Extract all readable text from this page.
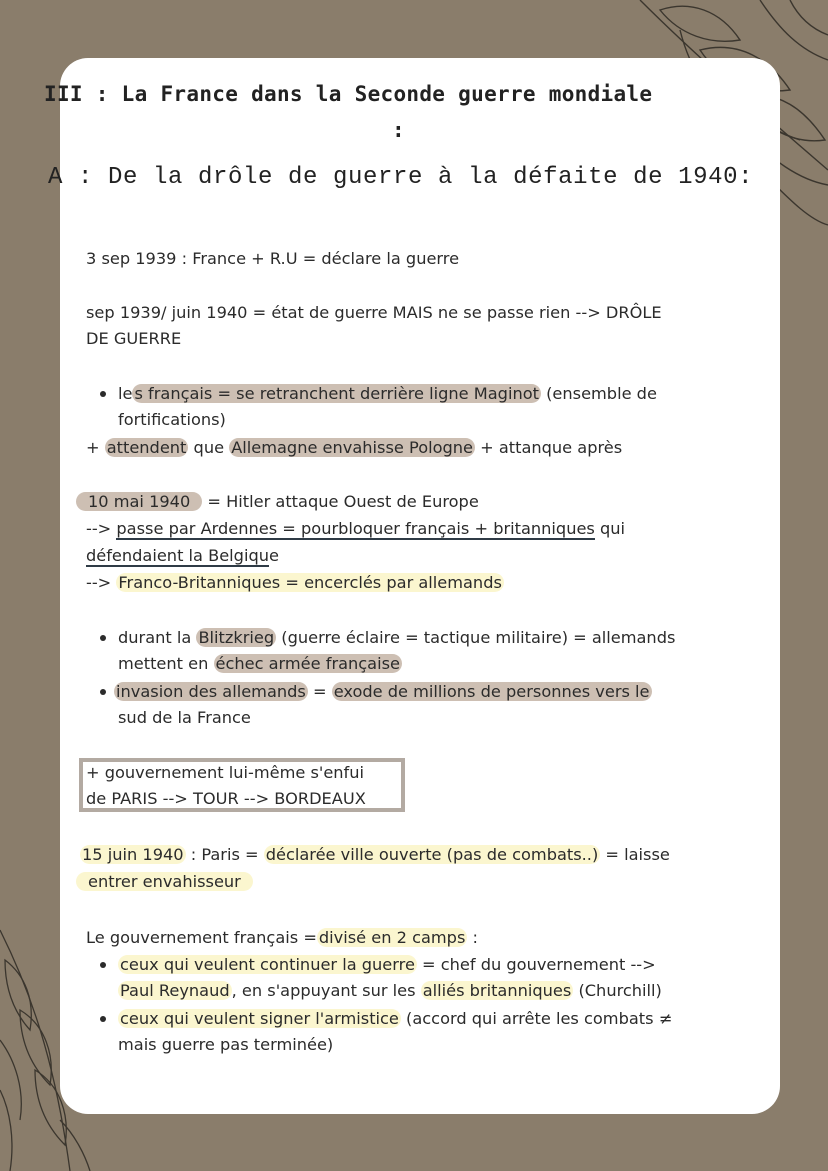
III : La France dans la Seconde guerre mondiale
:
A : De la drôle de guerre à la défaite de 1940:
3 sep 1939 : France + R.U = déclare la guerre
sep 1939/ juin 1940 = état de guerre MAIS ne se passe rien --> DRÔLE
DE GUERRE
le s français = se retranchent derrière ligne Maginot (ensemble de
fortifications)
+ attendent que Allemagne envahisse Pologne + attanque après
10 mai 1940 = Hitler attaque Ouest de Europe
--> passe par Ardennes = pourbloquer français + britanniques qui
défendaient la Belgique
--> Franco-Britanniques = encerclés par allemands
durant la Blitzkrieg (guerre éclaire = tactique militaire) = allemands
mettent en échec armée française
invasion des allemands = exode de millions de personnes vers le
sud de la France
+ gouvernement lui-même s'enfui
de PARIS --> TOUR --> BORDEAUX
15 juin 1940 : Paris = déclarée ville ouverte (pas de combats..) = laisse
entrer envahisseur
Le gouvernement français = divisé en 2 camps :
ceux qui veulent continuer la guerre = chef du gouvernement -->
Paul Reynaud , en s'appuyant sur les alliés britanniques (Churchill)
ceux qui veulent signer l'armistice (accord qui arrête les combats ≠
mais guerre pas terminée)
